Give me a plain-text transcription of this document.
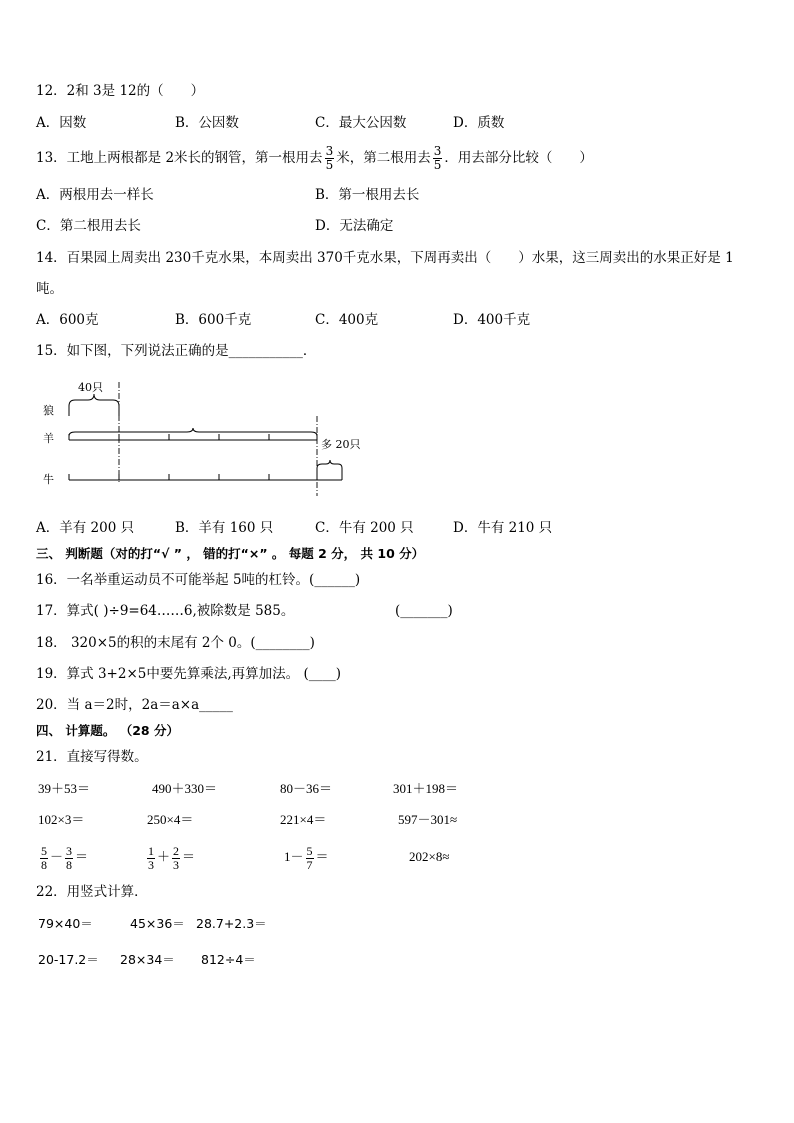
12．2和 3是 12的（　　）
A．因数	B．公因数	C．最大公因数	D．质数
13．工地上两根都是 2米长的钢管，第一根用去 $\frac{3}{5}$ 米，第二根用去 $\frac{3}{5}$ ．用去部分比较（　　）
A．两根用去一样长	B．第一根用去长
C．第二根用去长	D．无法确定
14．百果园上周卖出 230千克水果，本周卖出 370千克水果，下周再卖出（　　）水果，这三周卖出的水果正好是 1
吨。
A．600克	B．600千克	C．400克	D．400千克
15．如下图，下列说法正确的是___________．
狼
羊
牛
40只
多 20只
A．羊有 200 只	B．羊有 160 只	C．牛有 200 只	D．牛有 210 只
三、 判断题（对的打“√ ” ， 错的打“×” 。 每题 2 分， 共 10 分）
16．一名举重运动员不可能举起 5吨的杠铃。(______)
17．算式( )÷9=64……6,被除数是 585。	(_______)
18． 320×5的积的末尾有 2个 0。(________)
19．算式 3+2×5中要先算乘法,再算加法。 (____)
20．当 a＝2时，2a＝a×a_____
四、 计算题。 （28 分）
21．直接写得数。
39＋53＝	490＋330＝	80－36＝	301＋198＝
102×3＝	250×4＝	221×4＝	597－301≈
$\frac{5}{8} - \frac{3}{8}$ ＝	$\frac{1}{3} + \frac{2}{3}$ ＝	$1- \frac{5}{7}$ ＝	202×8≈
22．用竖式计算．
79×40＝	45×36＝ 28.7+2.3＝
20-17.2＝ 28×34＝ 812÷4＝
